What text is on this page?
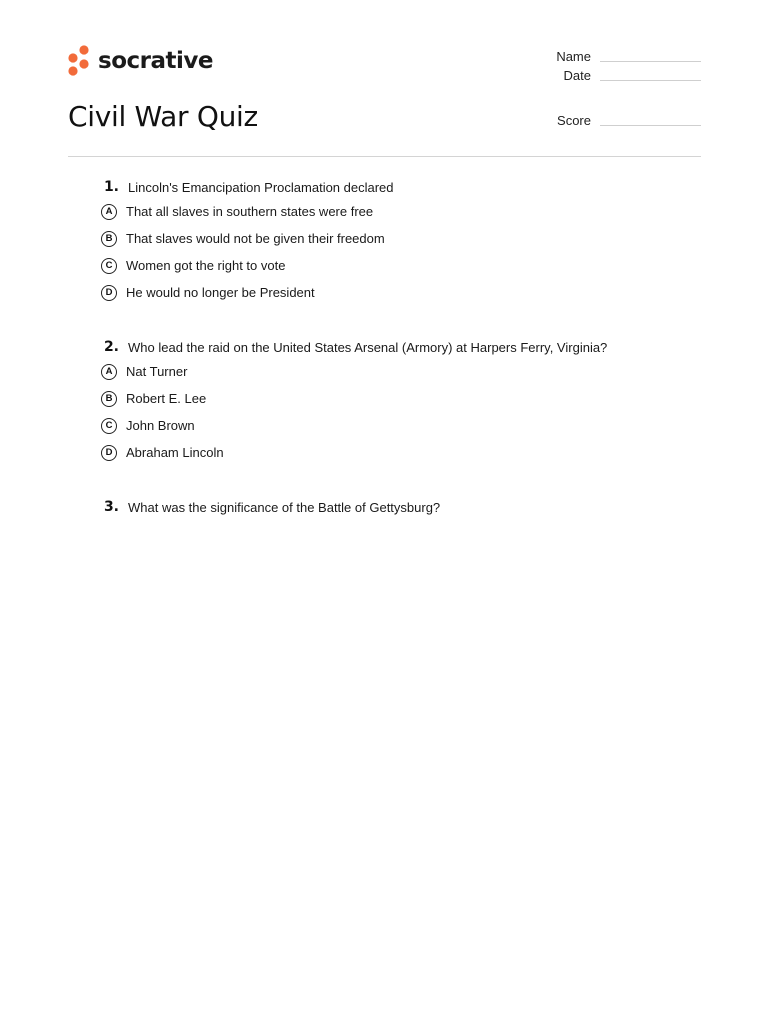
socrative
Civil War Quiz
Name
Date
Score
1. Lincoln's Emancipation Proclamation declared
A	That all slaves in southern states were free
B	That slaves would not be given their freedom
C	Women got the right to vote
D	He would no longer be President
2. Who lead the raid on the United States Arsenal (Armory) at Harpers Ferry, Virginia?
A	Nat Turner
B	Robert E. Lee
C	John Brown
D	Abraham Lincoln
3. What was the significance of the Battle of Gettysburg?
